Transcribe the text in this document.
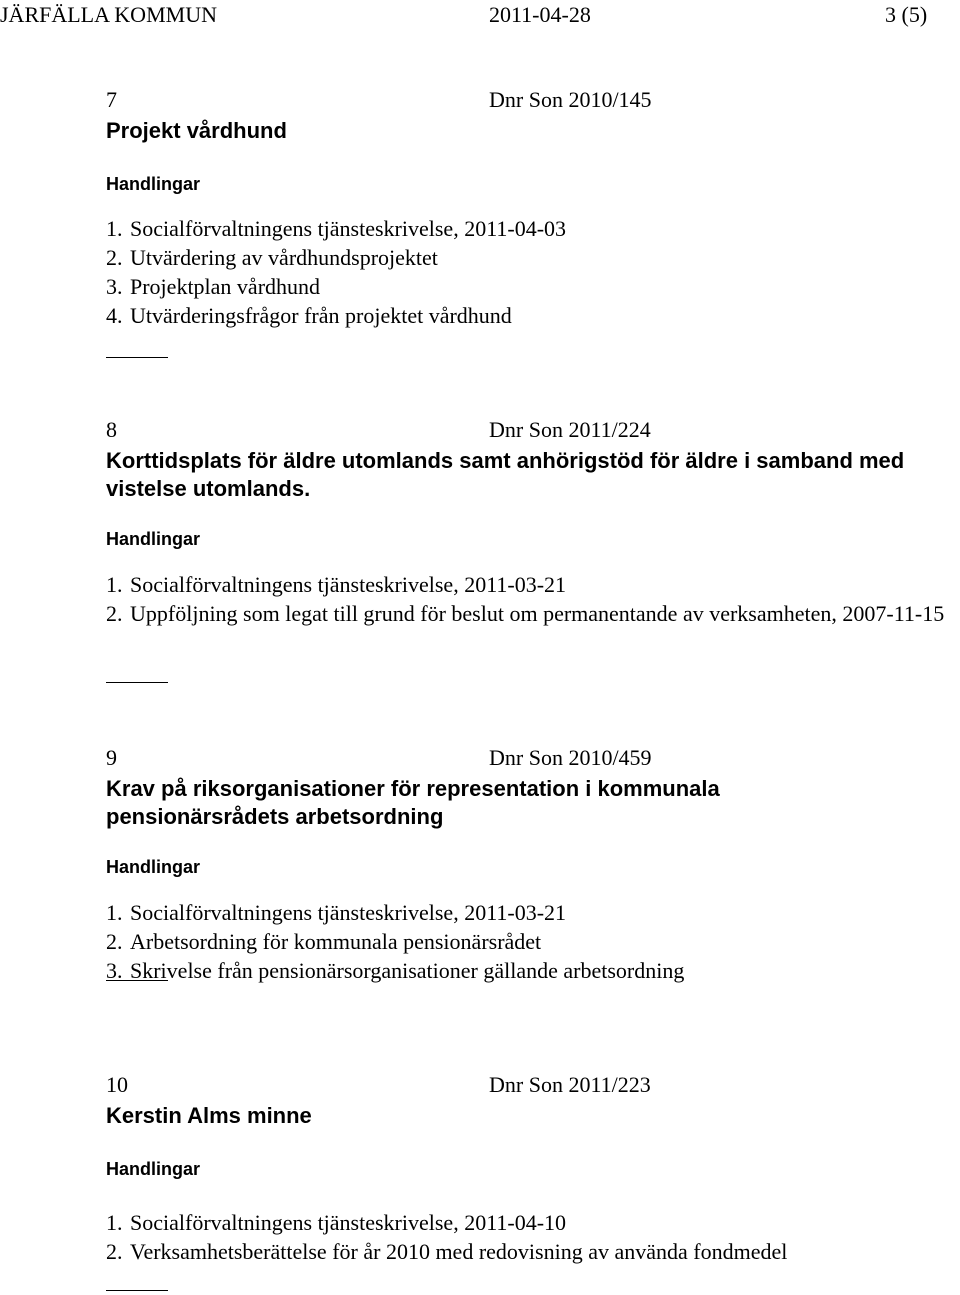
JÄRFÄLLA KOMMUN	2011-04-28	3 (5)
7	Dnr Son 2010/145

Projekt vårdhund

Handlingar

1. Socialförvaltningens tjänsteskrivelse, 2011-04-03
2. Utvärdering av vårdhundsprojektet
3. Projektplan vårdhund
4. Utvärderingsfrågor från projektet vårdhund
8	Dnr Son 2011/224

Korttidsplats för äldre utomlands samt anhörigstöd för äldre i samband med vistelse utomlands.

Handlingar

1. Socialförvaltningens tjänsteskrivelse, 2011-03-21
2. Uppföljning som legat till grund för beslut om permanentande av verksamheten, 2007-11-15
9	Dnr Son 2010/459

Krav på riksorganisationer för representation i kommunala pensionärsrådets arbetsordning

Handlingar

1. Socialförvaltningens tjänsteskrivelse, 2011-03-21
2. Arbetsordning för kommunala pensionärsrådet
3. Skrivelse från pensionärsorganisationer gällande arbetsordning
10	Dnr Son 2011/223

Kerstin Alms minne

Handlingar

1. Socialförvaltningens tjänsteskrivelse, 2011-04-10
2. Verksamhetsberättelse för år 2010 med redovisning av använda fondmedel
